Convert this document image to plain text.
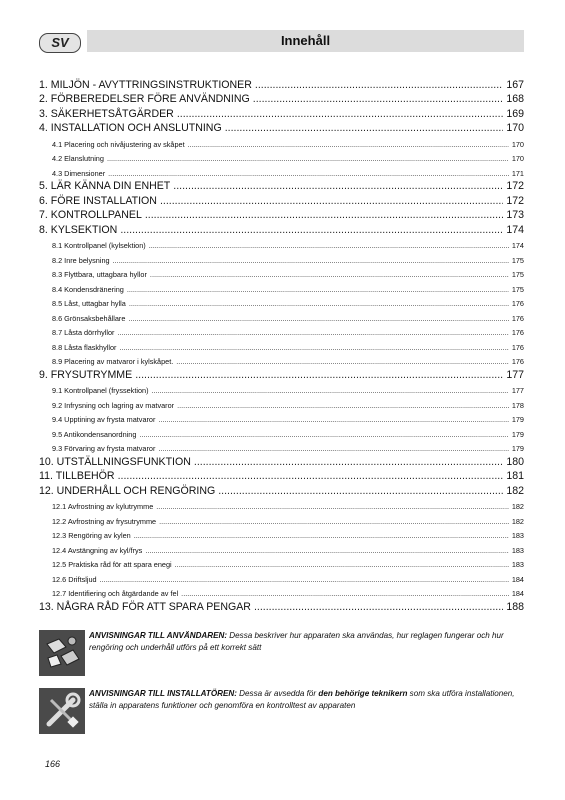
SV	Innehåll
1. MILJÖN - AVYTTRINGSINSTRUKTIONER .....	167
2. FÖRBEREDELSER FÖRE ANVÄNDNING .....	168
3. SÄKERHETSÅTGÄRDER .....	169
4. INSTALLATION OCH ANSLUTNING .....	170
4.1 Placering och nivåjustering av skåpet .....	170
4.2 Elanslutning .....	170
4.3 Dimensioner .....	171
5. LÄR KÄNNA DIN ENHET .....	172
6. FÖRE INSTALLATION .....	172
7. KONTROLLPANEL .....	173
8. KYLSEKTION .....	174
8.1 Kontrollpanel (kylsektion) .....	174
8.2 Inre belysning .....	175
8.3 Flyttbara, uttagbara hyllor .....	175
8.4 Kondensdränering .....	175
8.5 Låst, uttagbar hylla .....	176
8.6 Grönsaksbehållare .....	176
8.7 Låsta dörrhyllor .....	176
8.8 Låsta flaskhyllor .....	176
8.9 Placering av matvaror i kylskåpet. .....	176
9. FRYSUTRYMME .....	177
9.1 Kontrollpanel (fryssektion) .....	177
9.2 Infrysning och lagring av matvaror .....	178
9.4 Upptining av frysta matvaror .....	179
9.5 Antikondensanordning .....	179
9.3 Förvaring av frysta matvaror .....	179
10. UTSTÄLLNINGSFUNKTION .....	180
11. TILLBEHÖR .....	181
12. UNDERHÅLL OCH RENGÖRING .....	182
12.1 Avfrostning av kylutrymme .....	182
12.2 Avfrostning av frysutrymme .....	182
12.3 Rengöring av kylen .....	183
12.4 Avstängning av kyl/frys .....	183
12.5 Praktiska råd för att spara enegi .....	183
12.6 Driftsljud .....	184
12.7 Identifiering och åtgärdande av fel .....	184
13. NÅGRA RÅD FÖR ATT SPARA PENGAR .....	188
ANVISNINGAR TILL ANVÄNDAREN: Dessa beskriver hur apparaten ska användas, hur reglagen fungerar och hur rengöring och underhåll utförs på ett korrekt sätt
ANVISNINGAR TILL INSTALLATÖREN: Dessa är avsedda för den behörige teknikern som ska utföra installationen, ställa in apparatens funktioner och genomföra en kontrolltest av apparaten
166
